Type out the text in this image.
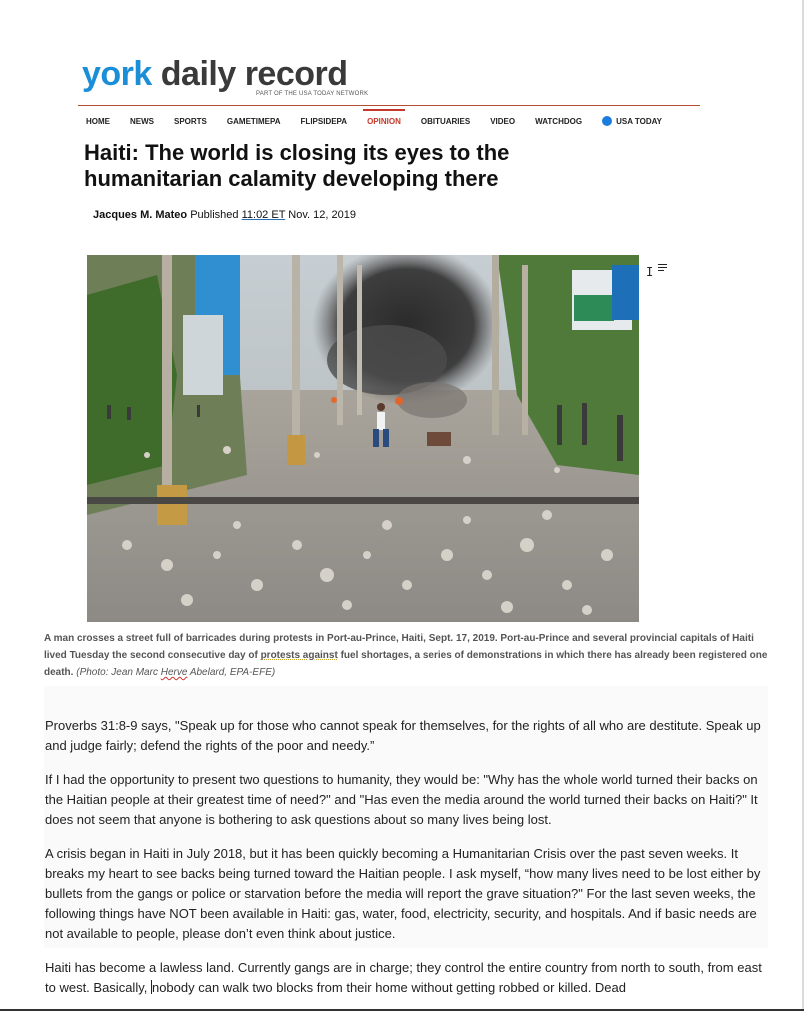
york daily record
PART OF THE USA TODAY NETWORK
HOME	NEWS	SPORTS	GAMETIMEPA	FLIPSIDEPA	OPINION	OBITUARIES	VIDEO	WATCHDOG	USA TODAY
Haiti: The world is closing its eyes to the humanitarian calamity developing there
Jacques M. Mateo Published 11:02 ET Nov. 12, 2019
I
A man crosses a street full of barricades during protests in Port-au-Prince, Haiti, Sept. 17, 2019. Port-au-Prince and several provincial capitals of Haiti lived Tuesday the second consecutive day of protests against fuel shortages, a series of demonstrations in which there has already been registered one death. (Photo: Jean Marc Herve Abelard, EPA-EFE)

Proverbs 31:8-9 says, "Speak up for those who cannot speak for themselves, for the rights of all who are destitute. Speak up and judge fairly; defend the rights of the poor and needy.”

If I had the opportunity to present two questions to humanity, they would be: "Why has the whole world turned their backs on the Haitian people at their greatest time of need?" and "Has even the media around the world turned their backs on Haiti?" It does not seem that anyone is bothering to ask questions about so many lives being lost.

A crisis began in Haiti in July 2018, but it has been quickly becoming a Humanitarian Crisis over the past seven weeks. It breaks my heart to see backs being turned toward the Haitian people. I ask myself, “how many lives need to be lost either by bullets from the gangs or police or starvation before the media will report the grave situation?" For the last seven weeks, the following things have NOT been available in Haiti: gas, water, food, electricity, security, and hospitals. And if basic needs are not available to people, please don’t even think about justice.

Haiti has become a lawless land. Currently gangs are in charge; they control the entire country from north to south, from east to west. Basically, nobody can walk two blocks from their home without getting robbed or killed. Dead
